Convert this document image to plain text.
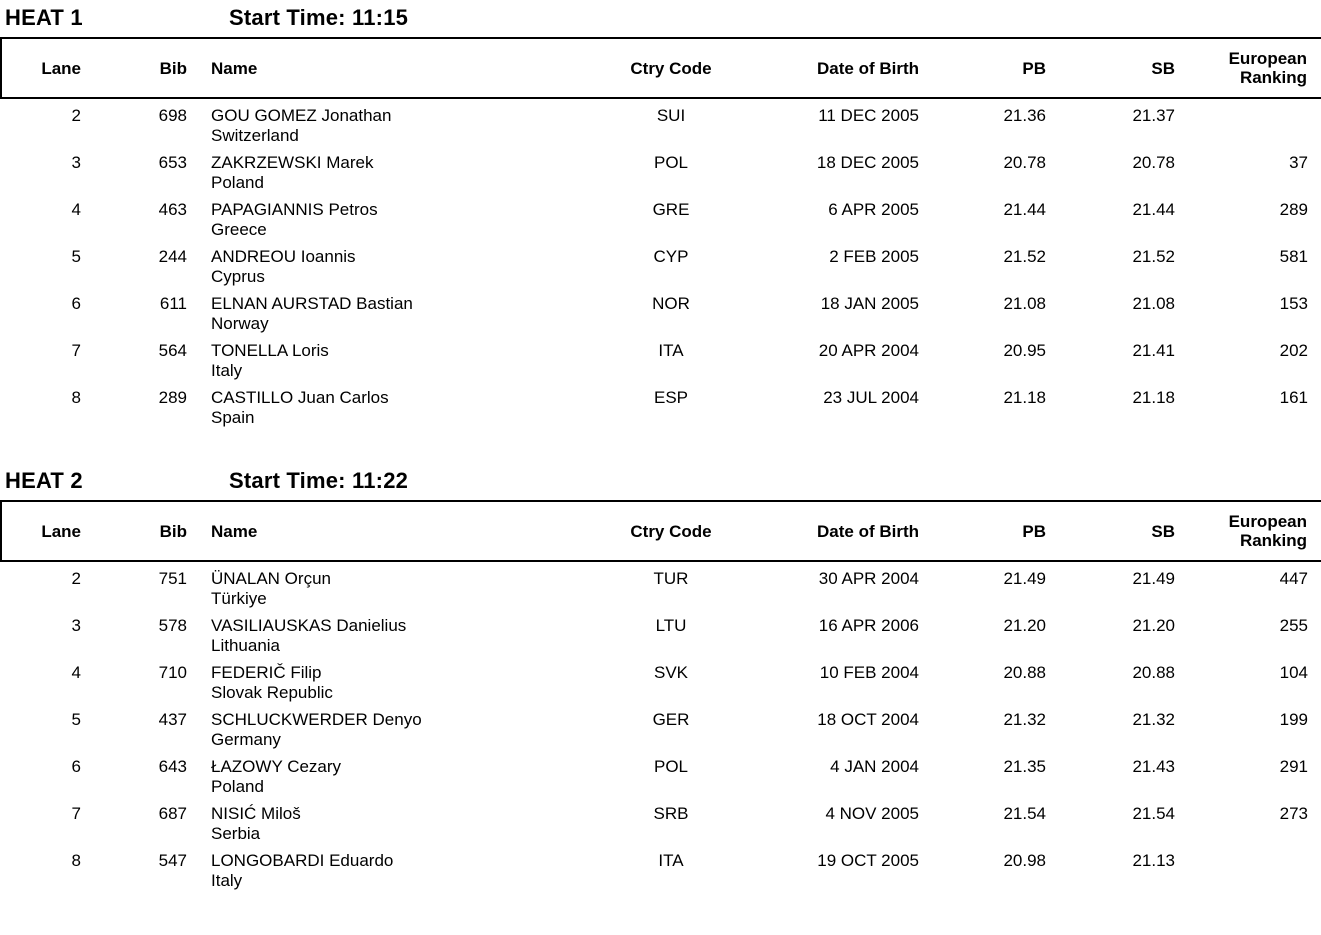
HEAT 1	Start Time: 11:15
Lane	Bib	Name	Ctry Code	Date of Birth	PB	SB	European
Ranking
2	698	GOU GOMEZ Jonathan
Switzerland	SUI	11 DEC 2005	21.36	21.37	
3	653	ZAKRZEWSKI Marek
Poland	POL	18 DEC 2005	20.78	20.78	37
4	463	PAPAGIANNIS Petros
Greece	GRE	6 APR 2005	21.44	21.44	289
5	244	ANDREOU Ioannis
Cyprus	CYP	2 FEB 2005	21.52	21.52	581
6	611	ELNAN AURSTAD Bastian
Norway	NOR	18 JAN 2005	21.08	21.08	153
7	564	TONELLA Loris
Italy	ITA	20 APR 2004	20.95	21.41	202
8	289	CASTILLO Juan Carlos
Spain	ESP	23 JUL 2004	21.18	21.18	161
HEAT 2	Start Time: 11:22
Lane	Bib	Name	Ctry Code	Date of Birth	PB	SB	European
Ranking
2	751	ÜNALAN Orçun
Türkiye	TUR	30 APR 2004	21.49	21.49	447
3	578	VASILIAUSKAS Danielius
Lithuania	LTU	16 APR 2006	21.20	21.20	255
4	710	FEDERIČ Filip
Slovak Republic	SVK	10 FEB 2004	20.88	20.88	104
5	437	SCHLUCKWERDER Denyo
Germany	GER	18 OCT 2004	21.32	21.32	199
6	643	ŁAZOWY Cezary
Poland	POL	4 JAN 2004	21.35	21.43	291
7	687	NISIĆ Miloš
Serbia	SRB	4 NOV 2005	21.54	21.54	273
8	547	LONGOBARDI Eduardo
Italy	ITA	19 OCT 2005	20.98	21.13	
